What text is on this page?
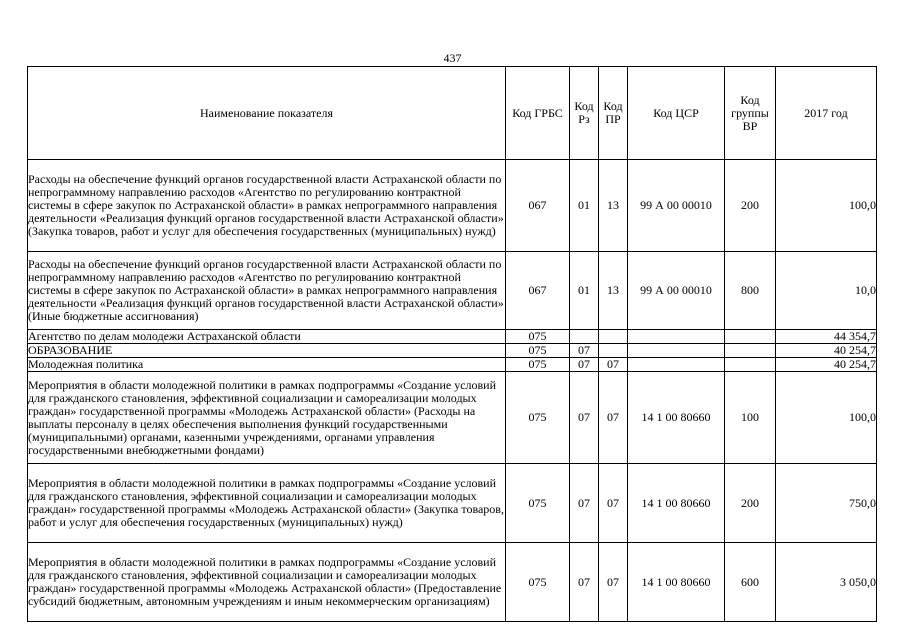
437
Наименование показателя	Код ГРБС	Код Рз	Код ПР	Код ЦСР	Код группы ВР	2017 год
Расходы на обеспечение функций органов государственной власти Астраханской области по непрограммному направлению расходов «Агентство по регулированию контрактной системы в сфере закупок по Астраханской области» в рамках непрограммного направления деятельности «Реализация функций органов государственной власти Астраханской области» (Закупка товаров, работ и услуг для обеспечения государственных (муниципальных) нужд)	067	01	13	99 А 00 00010	200	100,0
Расходы на обеспечение функций органов государственной власти Астраханской области по непрограммному направлению расходов «Агентство по регулированию контрактной системы в сфере закупок по Астраханской области» в рамках непрограммного направления деятельности «Реализация функций органов государственной власти Астраханской области» (Иные бюджетные ассигнования)	067	01	13	99 А 00 00010	800	10,0
Агентство по делам молодежи Астраханской области	075					44 354,7
ОБРАЗОВАНИЕ	075	07				40 254,7
Молодежная политика	075	07	07			40 254,7
Мероприятия в области молодежной политики в рамках подпрограммы «Создание условий для гражданского становления, эффективной социализации и самореализации молодых граждан» государственной программы «Молодежь Астраханской области» (Расходы на выплаты персоналу в целях обеспечения выполнения функций государственными (муниципальными) органами, казенными учреждениями, органами управления государственными внебюджетными фондами)	075	07	07	14 1 00 80660	100	100,0
Мероприятия в области молодежной политики в рамках подпрограммы «Создание условий для гражданского становления, эффективной социализации и самореализации молодых граждан» государственной программы «Молодежь Астраханской области» (Закупка товаров, работ и услуг для обеспечения государственных (муниципальных) нужд)	075	07	07	14 1 00 80660	200	750,0
Мероприятия в области молодежной политики в рамках подпрограммы «Создание условий для гражданского становления, эффективной социализации и самореализации молодых граждан» государственной программы «Молодежь Астраханской области» (Предоставление субсидий бюджетным, автономным учреждениям и иным некоммерческим организациям)	075	07	07	14 1 00 80660	600	3 050,0
